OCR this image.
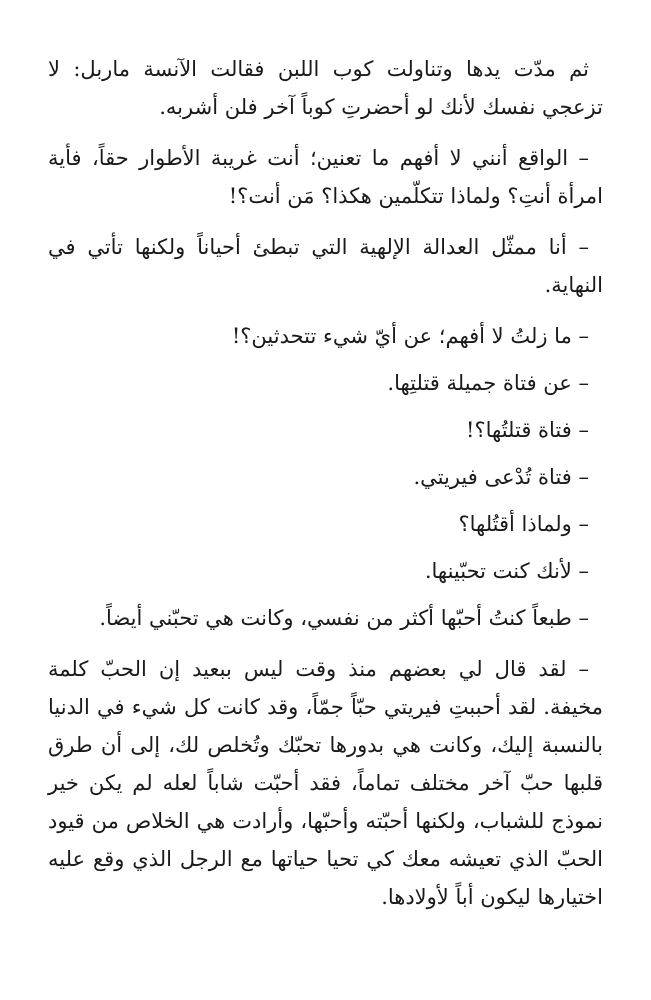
ثم مدّت يدها وتناولت كوب اللبن فقالت الآنسة ماربل: لا تزعجي نفسك لأنك لو أحضرتِ كوباً آخر فلن أشربه.

– الواقع أنني لا أفهم ما تعنين؛ أنت غريبة الأطوار حقاً، فأية امرأة أنتِ؟ ولماذا تتكلّمين هكذا؟ مَن أنت؟!

– أنا ممثّل العدالة الإلهية التي تبطئ أحياناً ولكنها تأتي في النهاية.

– ما زلتُ لا أفهم؛ عن أيّ شيء تتحدثين؟!

– عن فتاة جميلة قتلتِها.

– فتاة قتلتُها؟!

– فتاة تُدْعى فيريتي.

– ولماذا أقتُلها؟

– لأنك كنت تحبّينها.

– طبعاً كنتُ أحبّها أكثر من نفسي، وكانت هي تحبّني أيضاً.

– لقد قال لي بعضهم منذ وقت ليس ببعيد إن الحبّ كلمة مخيفة. لقد أحببتِ فيريتي حبّاً جمّاً، وقد كانت كل شيء في الدنيا بالنسبة إليك، وكانت هي بدورها تحبّك وتُخلص لك، إلى أن طرق قلبها حبّ آخر مختلف تماماً، فقد أحبّت شاباً لعله لم يكن خير نموذج للشباب، ولكنها أحبّته وأحبّها، وأرادت هي الخلاص من قيود الحبّ الذي تعيشه معك كي تحيا حياتها مع الرجل الذي وقع عليه اختيارها ليكون أباً لأولادها.
